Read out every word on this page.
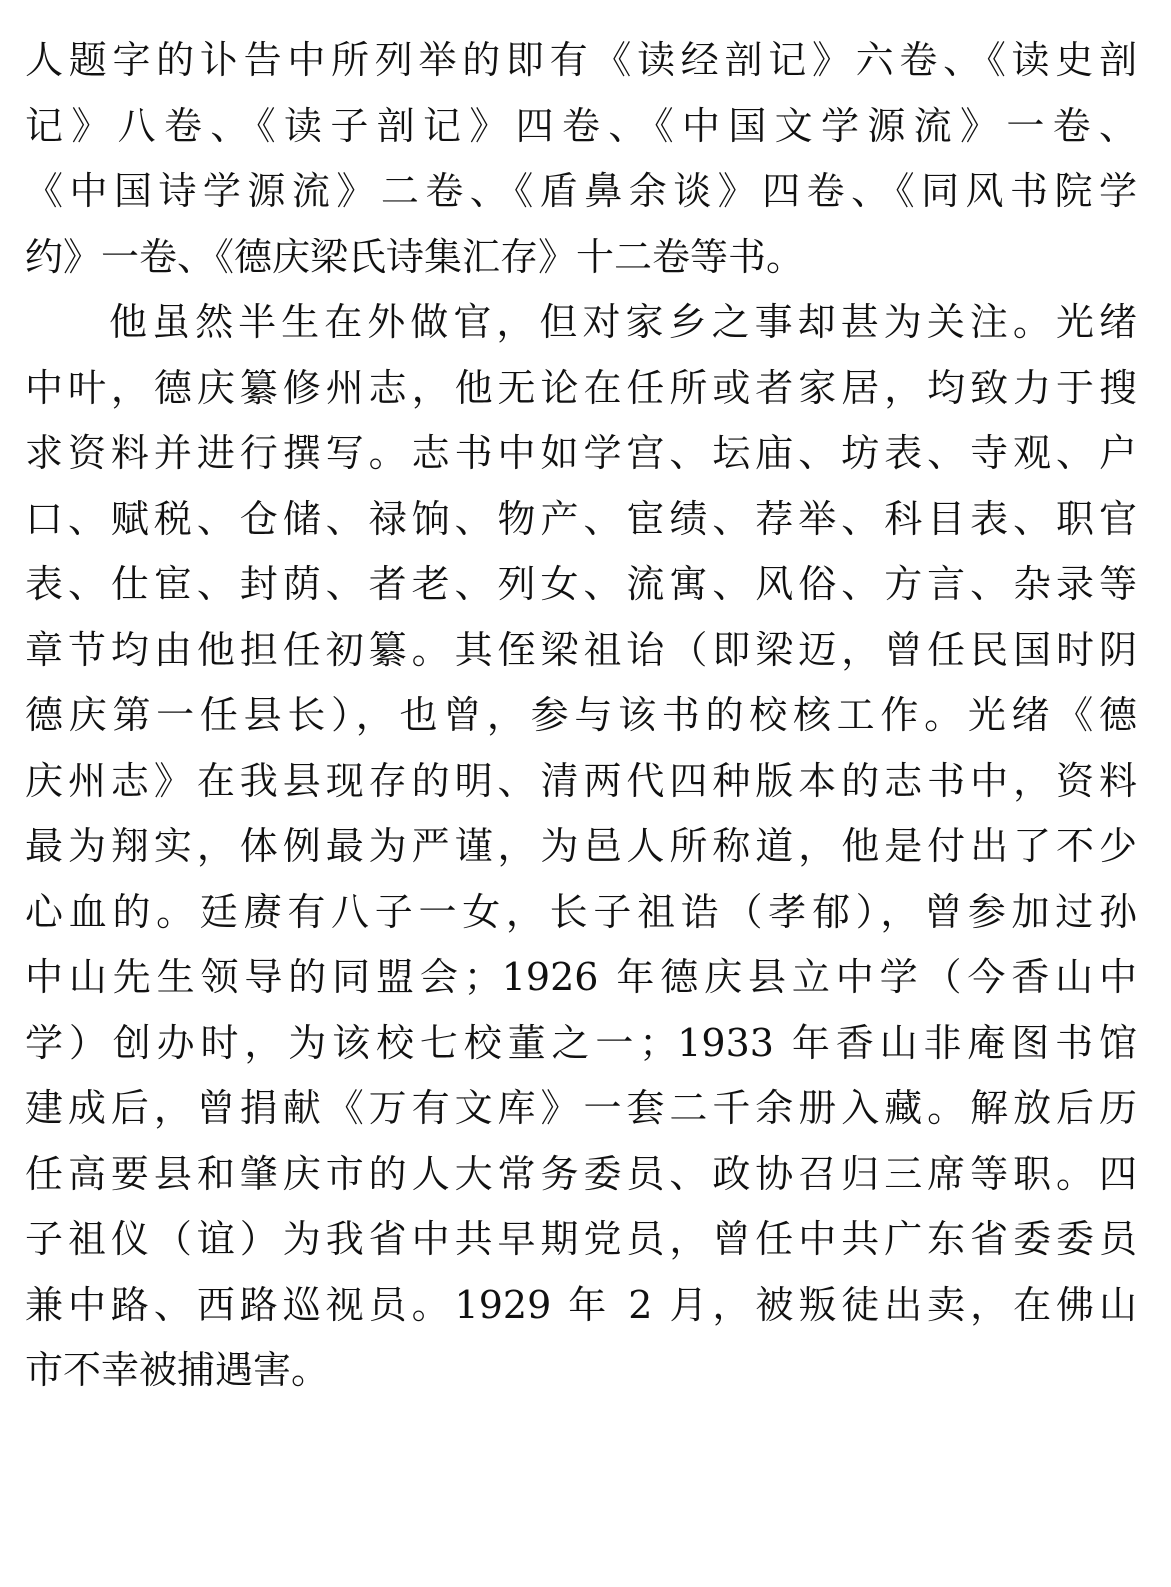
人题字的讣告中所列举的即有《读经剖记》六卷、《读史剖
记》八卷、《读子剖记》四卷、《中国文学源流》一卷、
《中国诗学源流》二卷、《盾鼻余谈》四卷、《同风书院学
约》一卷、《德庆梁氏诗集汇存》十二卷等书。
他虽然半生在外做官，但对家乡之事却甚为关注。光绪
中叶，德庆纂修州志，他无论在任所或者家居，均致力于搜
求资料并进行撰写。志书中如学宫、坛庙、坊表、寺观、户
口、赋税、仓储、禄饷、物产、宦绩、荐举、科目表、职官
表、仕宦、封荫、者老、列女、流寓、风俗、方言、杂录等
章节均由他担任初纂。其侄梁祖诒（即梁迈，曾任民国时阴
德庆第一任县长），也曾，参与该书的校核工作。光绪《德
庆州志》在我县现存的明、清两代四种版本的志书中，资料
最为翔实，体例最为严谨，为邑人所称道，他是付出了不少
心血的。廷赓有八子一女，长子祖诰（孝郁），曾参加过孙
中山先生领导的同盟会；1926 年德庆县立中学（今香山中
学）创办时，为该校七校董之一；1933 年香山非庵图书馆
建成后，曾捐献《万有文库》一套二千余册入藏。解放后历
任高要县和肇庆市的人大常务委员、政协召归三席等职。四
子祖仪（谊）为我省中共早期党员，曾任中共广东省委委员
兼中路、西路巡视员。1929 年 2 月，被叛徒出卖，在佛山
市不幸被捕遇害。
